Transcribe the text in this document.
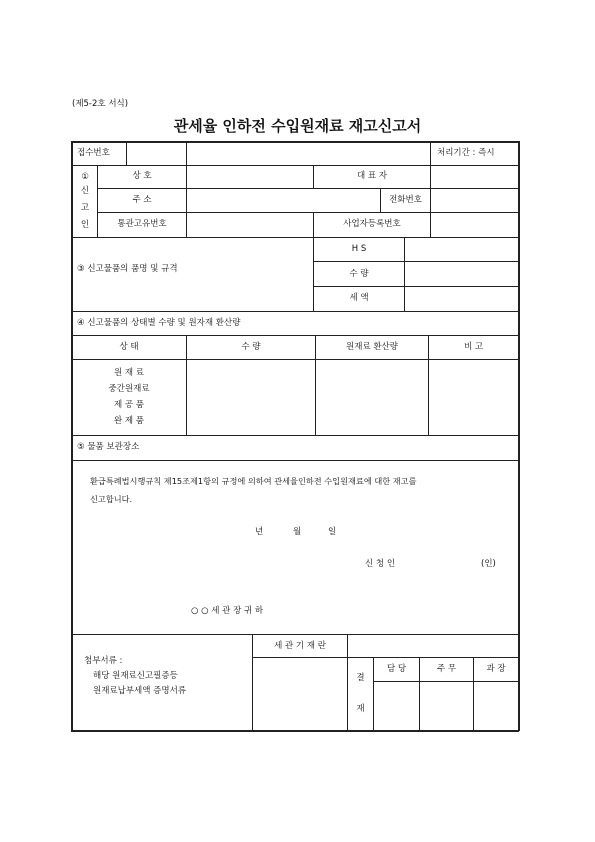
(제5-2호 서식)
관세율 인하전 수입원재료 재고신고서
접수번호	처리기간 : 즉시
①
신
고
인
상 호	대 표 자
주 소	전화번호
통관고유번호	사업자등록번호
③ 신고물품의 품명 및 규격
H S
수 량
세 액
④ 신고물품의 상태별 수량 및 원자재 환산량
상 태	수 량	원재료 환산량	비 고
원 재 료
중간원재료
제 공 품
완 제 품
⑤ 물품 보관장소
환급특례법시행규칙 제15조제1항의 규정에 의하여 관세율인하전 수입원재료에 대한 재고를
신고합니다.
년	월	일
신 청 인	(인)
○ ○ 세 관 장 귀 하
첨부서류 :
해당 원재료신고필증등
원재료납부세액 증명서류
세 관 기 재 란
결
재
담 당	주 무	과 장
